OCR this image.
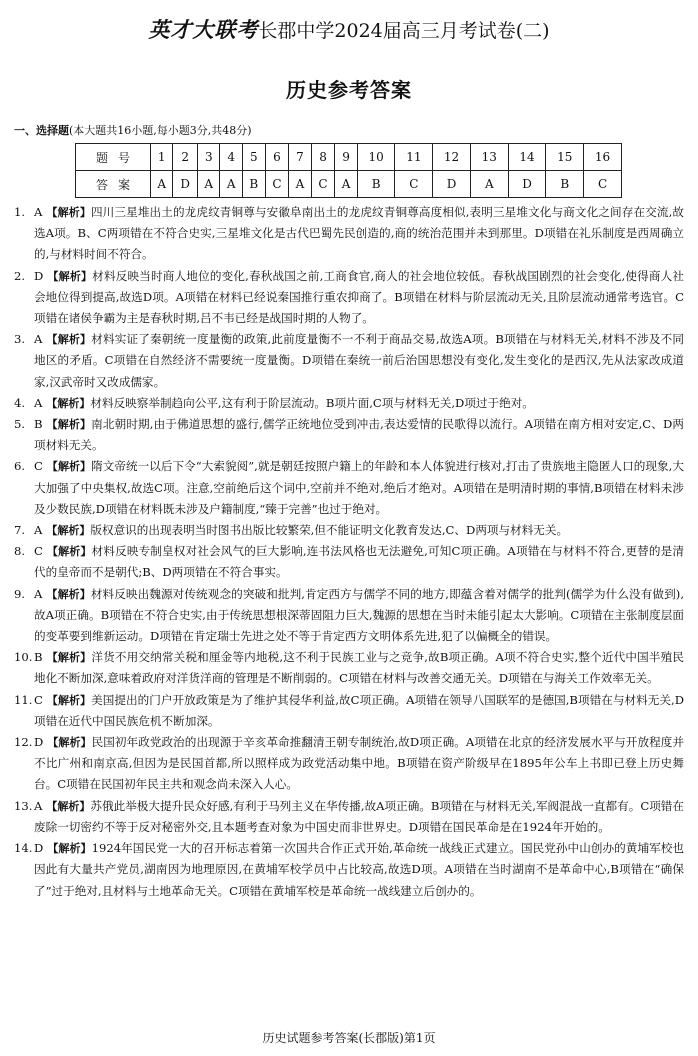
英才大联考长郡中学2024届高三月考试卷(二)
历史参考答案
一、选择题(本大题共16小题,每小题3分,共48分)
题号	1	2	3	4	5	6	7	8	9	10	11	12	13	14	15	16
答案	A	D	A	A	B	C	A	C	A	B	C	D	A	D	B	C

1. A 【解析】四川三星堆出土的龙虎纹青铜尊与安徽阜南出土的龙虎纹青铜尊高度相似,表明三星堆文化与商文化之间存在交流,故选A项。B、C两项错在不符合史实,三星堆文化是古代巴蜀先民创造的,商的统治范围并未到那里。D项错在礼乐制度是西周确立的,与材料时间不符合。

2. D 【解析】材料反映当时商人地位的变化,春秋战国之前,工商食官,商人的社会地位较低。春秋战国剧烈的社会变化,使得商人社会地位得到提高,故选D项。A项错在材料已经说秦国推行重农抑商了。B项错在材料与阶层流动无关,且阶层流动通常考选官。C项错在诸侯争霸为主是春秋时期,吕不韦已经是战国时期的人物了。

3. A 【解析】材料实证了秦朝统一度量衡的政策,此前度量衡不一不利于商品交易,故选A项。B项错在与材料无关,材料不涉及不同地区的矛盾。C项错在自然经济不需要统一度量衡。D项错在秦统一前后治国思想没有变化,发生变化的是西汉,先从法家改成道家,汉武帝时又改成儒家。

4. A 【解析】材料反映察举制趋向公平,这有利于阶层流动。B项片面,C项与材料无关,D项过于绝对。

5. B 【解析】南北朝时期,由于佛道思想的盛行,儒学正统地位受到冲击,表达爱情的民歌得以流行。A项错在南方相对安定,C、D两项材料无关。

6. C 【解析】隋文帝统一以后下令“大索貌阅”,就是朝廷按照户籍上的年龄和本人体貌进行核对,打击了贵族地主隐匿人口的现象,大大加强了中央集权,故选C项。注意,空前绝后这个词中,空前并不绝对,绝后才绝对。A项错在是明清时期的事情,B项错在材料未涉及少数民族,D项错在材料既未涉及户籍制度,“臻于完善”也过于绝对。

7. A 【解析】版权意识的出现表明当时图书出版比较繁荣,但不能证明文化教育发达,C、D两项与材料无关。

8. C 【解析】材料反映专制皇权对社会风气的巨大影响,连书法风格也无法避免,可知C项正确。A项错在与材料不符合,更替的是清代的皇帝而不是朝代;B、D两项错在不符合事实。

9. A 【解析】材料反映出魏源对传统观念的突破和批判,肯定西方与儒学不同的地方,即蕴含着对儒学的批判(儒学为什么没有做到),故A项正确。B项错在不符合史实,由于传统思想根深蒂固阻力巨大,魏源的思想在当时未能引起太大影响。C项错在主张制度层面的变革要到维新运动。D项错在肯定瑞士先进之处不等于肯定西方文明体系先进,犯了以偏概全的错误。

10. B 【解析】洋货不用交纳常关税和厘金等内地税,这不利于民族工业与之竞争,故B项正确。A项不符合史实,整个近代中国半殖民地化不断加深,意味着政府对洋货洋商的管理是不断削弱的。C项错在材料与改善交通无关。D项错在与海关工作效率无关。

11. C 【解析】美国提出的门户开放政策是为了维护其侵华利益,故C项正确。A项错在领导八国联军的是德国,B项错在与材料无关,D项错在近代中国民族危机不断加深。

12. D 【解析】民国初年政党政治的出现源于辛亥革命推翻清王朝专制统治,故D项正确。A项错在北京的经济发展水平与开放程度并不比广州和南京高,但因为是民国首都,所以照样成为政党活动集中地。B项错在资产阶级早在1895年公车上书即已登上历史舞台。C项错在民国初年民主共和观念尚未深入人心。

13. A 【解析】苏俄此举极大提升民众好感,有利于马列主义在华传播,故A项正确。B项错在与材料无关,军阀混战一直都有。C项错在废除一切密约不等于反对秘密外交,且本题考查对象为中国史而非世界史。D项错在国民革命是在1924年开始的。

14. D 【解析】1924年国民党一大的召开标志着第一次国共合作正式开始,革命统一战线正式建立。国民党孙中山创办的黄埔军校也因此有大量共产党员,湖南因为地理原因,在黄埔军校学员中占比较高,故选D项。A项错在当时湖南不是革命中心,B项错在“确保了”过于绝对,且材料与土地革命无关。C项错在黄埔军校是革命统一战线建立后创办的。

历史试题参考答案(长郡版)第1页
